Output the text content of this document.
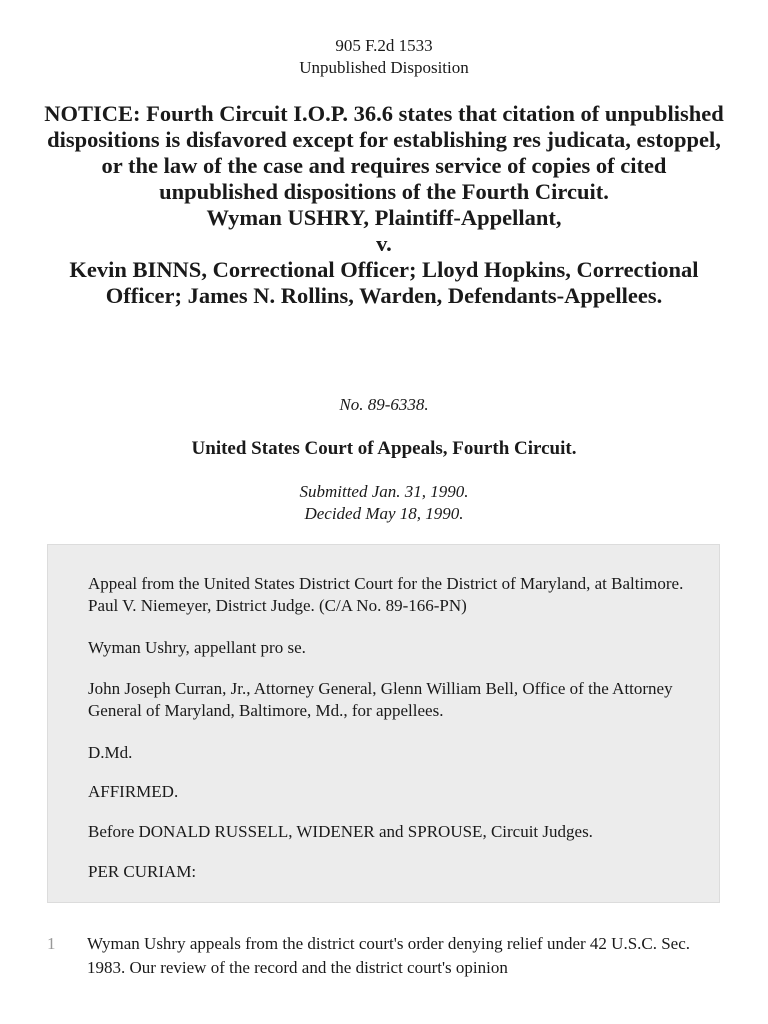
905 F.2d 1533
Unpublished Disposition
NOTICE: Fourth Circuit I.O.P. 36.6 states that citation of unpublished dispositions is disfavored except for establishing res judicata, estoppel, or the law of the case and requires service of copies of cited unpublished dispositions of the Fourth Circuit.
Wyman USHRY, Plaintiff-Appellant,
v.
Kevin BINNS, Correctional Officer; Lloyd Hopkins, Correctional Officer; James N. Rollins, Warden, Defendants-Appellees.
No. 89-6338.
United States Court of Appeals, Fourth Circuit.
Submitted Jan. 31, 1990.
Decided May 18, 1990.

Appeal from the United States District Court for the District of Maryland, at Baltimore. Paul V. Niemeyer, District Judge. (C/A No. 89-166-PN)

Wyman Ushry, appellant pro se.

John Joseph Curran, Jr., Attorney General, Glenn William Bell, Office of the Attorney General of Maryland, Baltimore, Md., for appellees.

D.Md.

AFFIRMED.

Before DONALD RUSSELL, WIDENER and SPROUSE, Circuit Judges.

PER CURIAM:

1 Wyman Ushry appeals from the district court's order denying relief under 42 U.S.C. Sec. 1983. Our review of the record and the district court's opinion
